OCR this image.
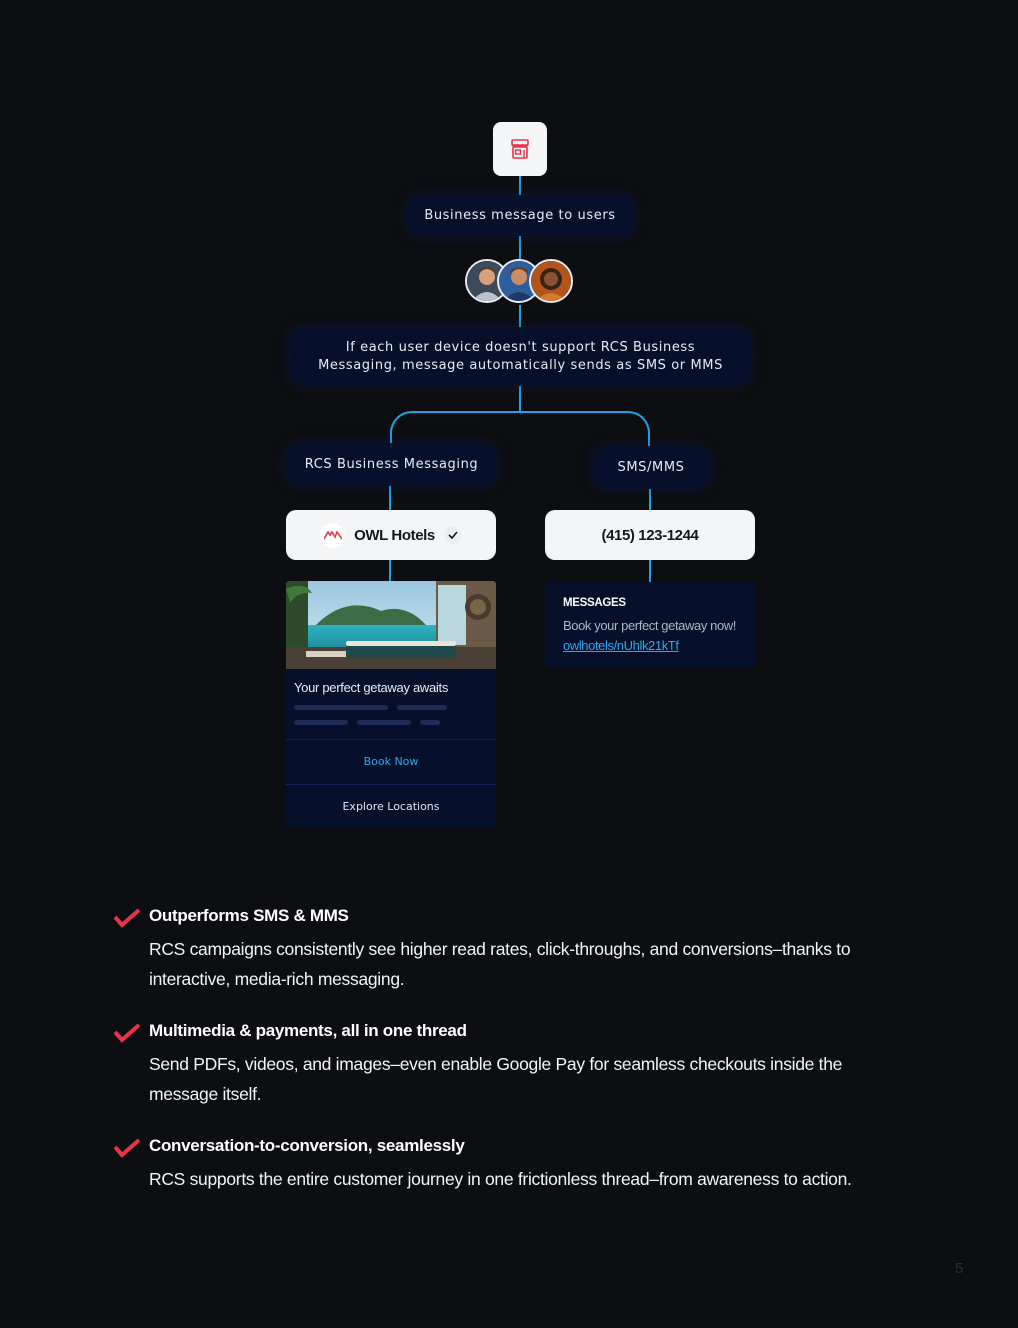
Business message to users
If each user device doesn't support RCS Business Messaging, message automatically sends as SMS or MMS
RCS Business Messaging	SMS/MMS
OWL Hotels	(415) 123-1244
Your perfect getaway awaits
Book Now
Explore Locations
MESSAGES
Book your perfect getaway now! owlhotels/nUhlk21kTf
Outperforms SMS & MMS
RCS campaigns consistently see higher read rates, click-throughs, and conversions–thanks to interactive, media-rich messaging.
Multimedia & payments, all in one thread
Send PDFs, videos, and images–even enable Google Pay for seamless checkouts inside the message itself.
Conversation-to-conversion, seamlessly
RCS supports the entire customer journey in one frictionless thread–from awareness to action.
5
